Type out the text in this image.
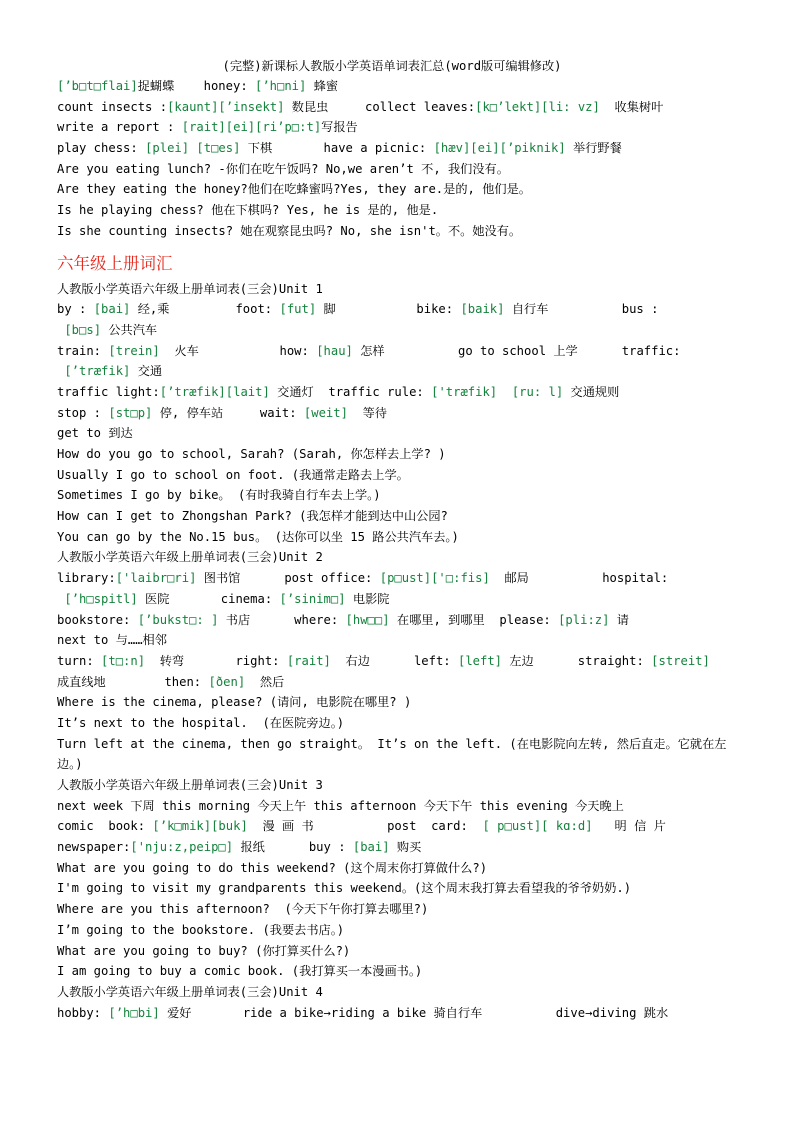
(完整)新课标人教版小学英语单词表汇总(word版可编辑修改)
[’b□t□flai]捉蝴蝶    honey: [’h□ni] 蜂蜜
count insects :[kaunt][’insekt] 数昆虫     collect leaves:[k□’lekt][li: vz]  收集树叶
write a report : [rait][ei][ri’p□:t]写报告
play chess: [plei] [t□es] 下棋       have a picnic: [hæv][ei][’piknik] 举行野餐
Are you eating lunch? -你们在吃午饭吗? No,we aren’t 不, 我们没有。
Are they eating the honey?他们在吃蜂蜜吗?Yes, they are.是的, 他们是。
Is he playing chess? 他在下棋吗? Yes, he is 是的, 他是.
Is she counting insects? 她在观察昆虫吗? No, she isn't。不。她没有。
六年级上册词汇
人教版小学英语六年级上册单词表(三会)Unit 1
by : [bai] 经,乘         foot: [fut] 脚           bike: [baik] 自行车          bus :
[b□s] 公共汽车
train: [trein]  火车           how: [hau] 怎样          go to school 上学      traffic:
[’træfik] 交通
traffic light:[’træfik][lait] 交通灯  traffic rule: ['træfik]  [ru: l] 交通规则
stop : [st□p] 停, 停车站     wait: [weit]  等待
get to 到达
How do you go to school, Sarah? (Sarah, 你怎样去上学? )
Usually I go to school on foot. (我通常走路去上学。
Sometimes I go by bike。 (有时我骑自行车去上学。)
How can I get to Zhongshan Park? (我怎样才能到达中山公园?
You can go by the No.15 bus。 (达你可以坐 15 路公共汽车去。)
人教版小学英语六年级上册单词表(三会)Unit 2
library:['laibr□ri] 图书馆      post office: [p□ust]['□:fis]  邮局          hospital:
[’h□spitl] 医院       cinema: [’sinim□] 电影院
bookstore: [’bukst□: ] 书店      where: [hw□□] 在哪里, 到哪里  please: [pli:z] 请
next to 与……相邻
turn: [t□:n]  转弯       right: [rait]  右边      left: [left] 左边      straight: [streit]
成直线地        then: [ðen]  然后
Where is the cinema, please? (请问, 电影院在哪里? )
It’s next to the hospital.  (在医院旁边。)
Turn left at the cinema, then go straight。 It’s on the left. (在电影院向左转, 然后直走。它就在左边。)
人教版小学英语六年级上册单词表(三会)Unit 3
next week 下周 this morning 今天上午 this afternoon 今天下午 this evening 今天晚上
comic  book: [’k□mik][buk]  漫 画 书          post  card:  [ p□ust][ kɑ:d]   明 信 片
newspaper:['nju:z,peip□] 报纸      buy : [bai] 购买
What are you going to do this weekend? (这个周末你打算做什么?)
I'm going to visit my grandparents this weekend。(这个周末我打算去看望我的爷爷奶奶.)
Where are you this afternoon?  (今天下午你打算去哪里?)
I’m going to the bookstore. (我要去书店。)
What are you going to buy? (你打算买什么?)
I am going to buy a comic book. (我打算买一本漫画书。)
人教版小学英语六年级上册单词表(三会)Unit 4
hobby: [’h□bi] 爱好       ride a bike→riding a bike 骑自行车          dive→diving 跳水
